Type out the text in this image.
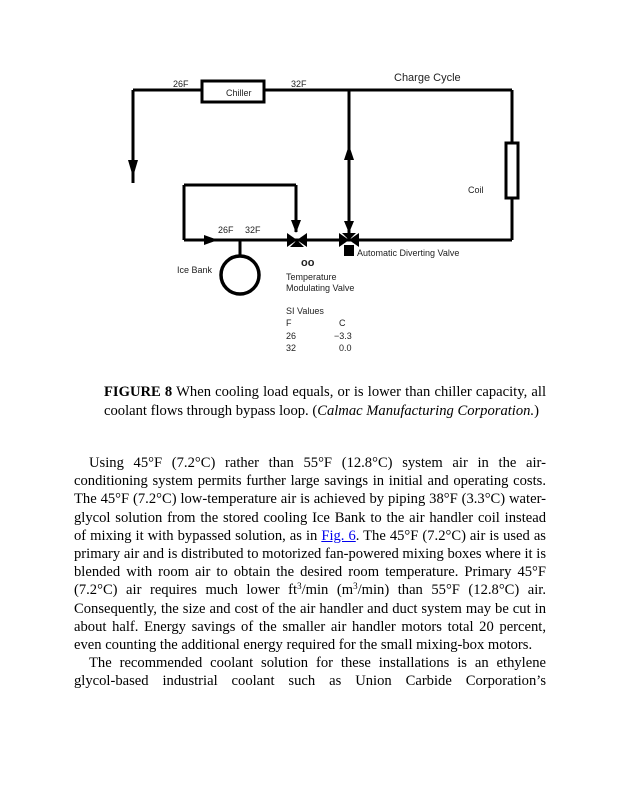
oo
Charge Cycle
26F
Chiller
32F
Coil
26F 32F
Ice Bank
Temperature
Modulating Valve
Automatic Diverting Valve
SI Values
F	C
26	−3.3
32	0.0
FIGURE 8 When cooling load equals, or is lower than chiller capacity, all coolant flows through bypass loop. (Calmac Manufacturing Corporation.)

Using 45°F (7.2°C) rather than 55°F (12.8°C) system air in the air-conditioning system permits further large savings in initial and operating costs. The 45°F (7.2°C) low-temperature air is achieved by piping 38°F (3.3°C) water-glycol solution from the stored cooling Ice Bank to the air handler coil instead of mixing it with bypassed solution, as in Fig. 6. The 45°F (7.2°C) air is used as primary air and is distributed to motorized fan-powered mixing boxes where it is blended with room air to obtain the desired room temperature. Primary 45°F (7.2°C) air requires much lower $ft^3/\min$ $(m^3/\min)$ than 55°F (12.8°C) air. Consequently, the size and cost of the air handler and duct system may be cut in about half. Energy savings of the smaller air handler motors total 20 percent, even counting the additional energy required for the small mixing-box motors.

The recommended coolant solution for these installations is an ethylene glycol-based industrial coolant such as Union Carbide Corporation’s
